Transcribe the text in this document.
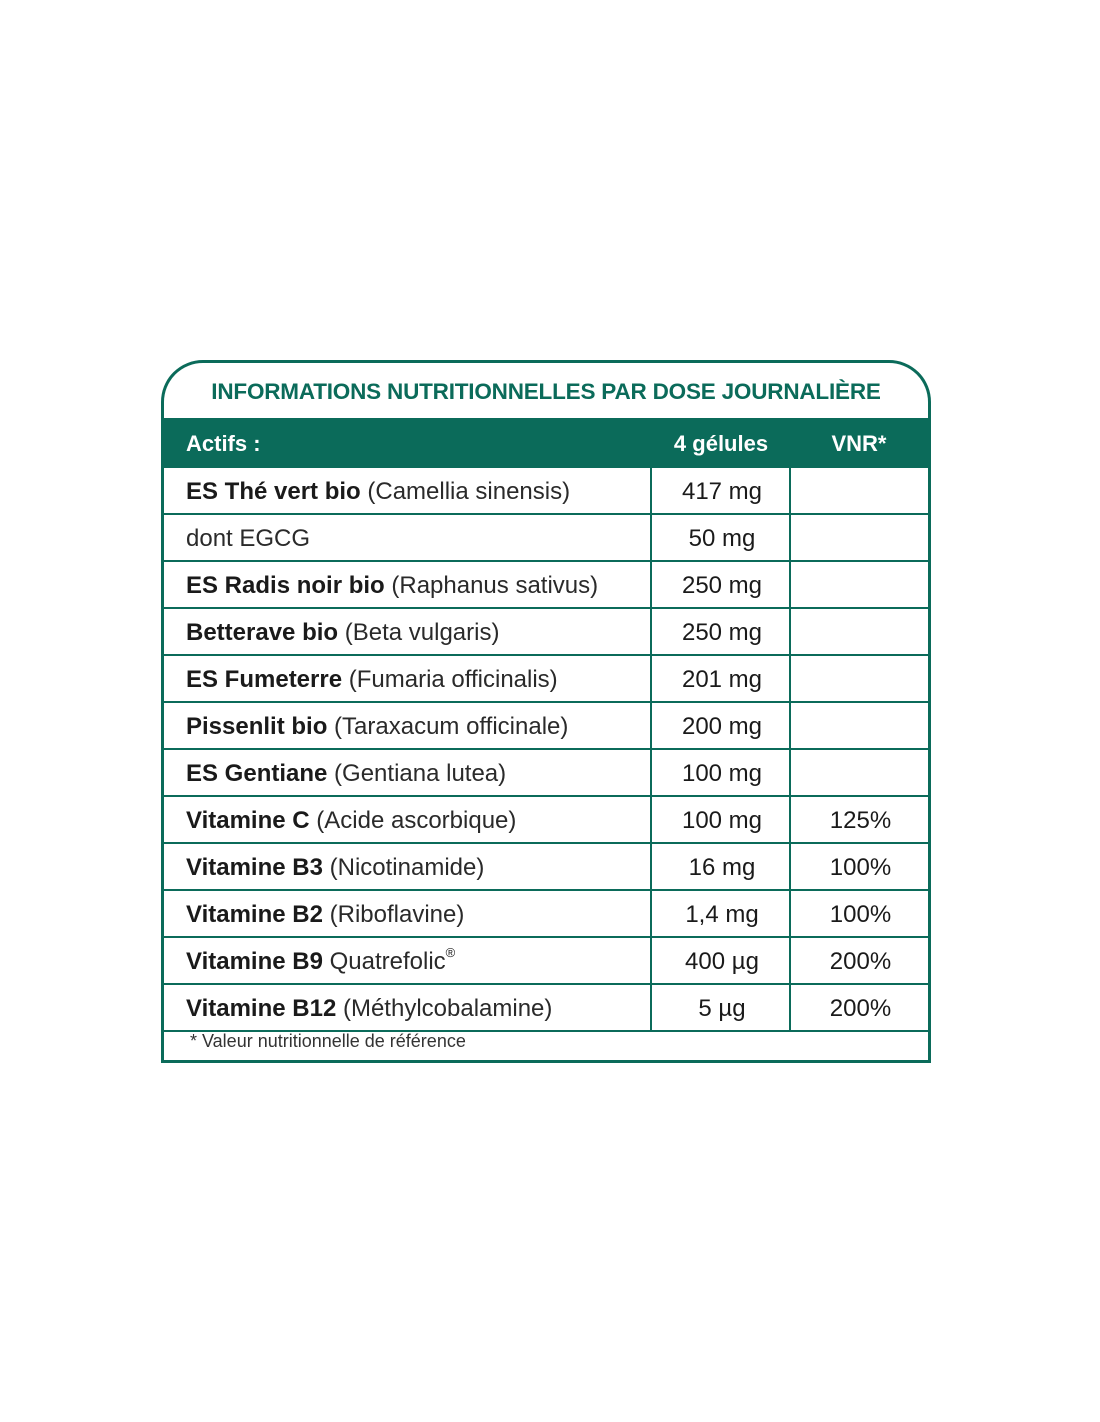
INFORMATIONS NUTRITIONNELLES PAR DOSE JOURNALIÈRE
Actifs :	4 gélules	VNR*
ES Thé vert bio (Camellia sinensis)	417 mg
dont EGCG	50 mg
ES Radis noir bio (Raphanus sativus)	250 mg
Betterave bio (Beta vulgaris)	250 mg
ES Fumeterre (Fumaria officinalis)	201 mg
Pissenlit bio (Taraxacum officinale)	200 mg
ES Gentiane (Gentiana lutea)	100 mg
Vitamine C (Acide ascorbique)	100 mg	125%
Vitamine B3 (Nicotinamide)	16 mg	100%
Vitamine B2 (Riboflavine)	1,4 mg	100%
Vitamine B9 Quatrefolic®	400 µg	200%
Vitamine B12 (Méthylcobalamine)	5 µg	200%
* Valeur nutritionnelle de référence
